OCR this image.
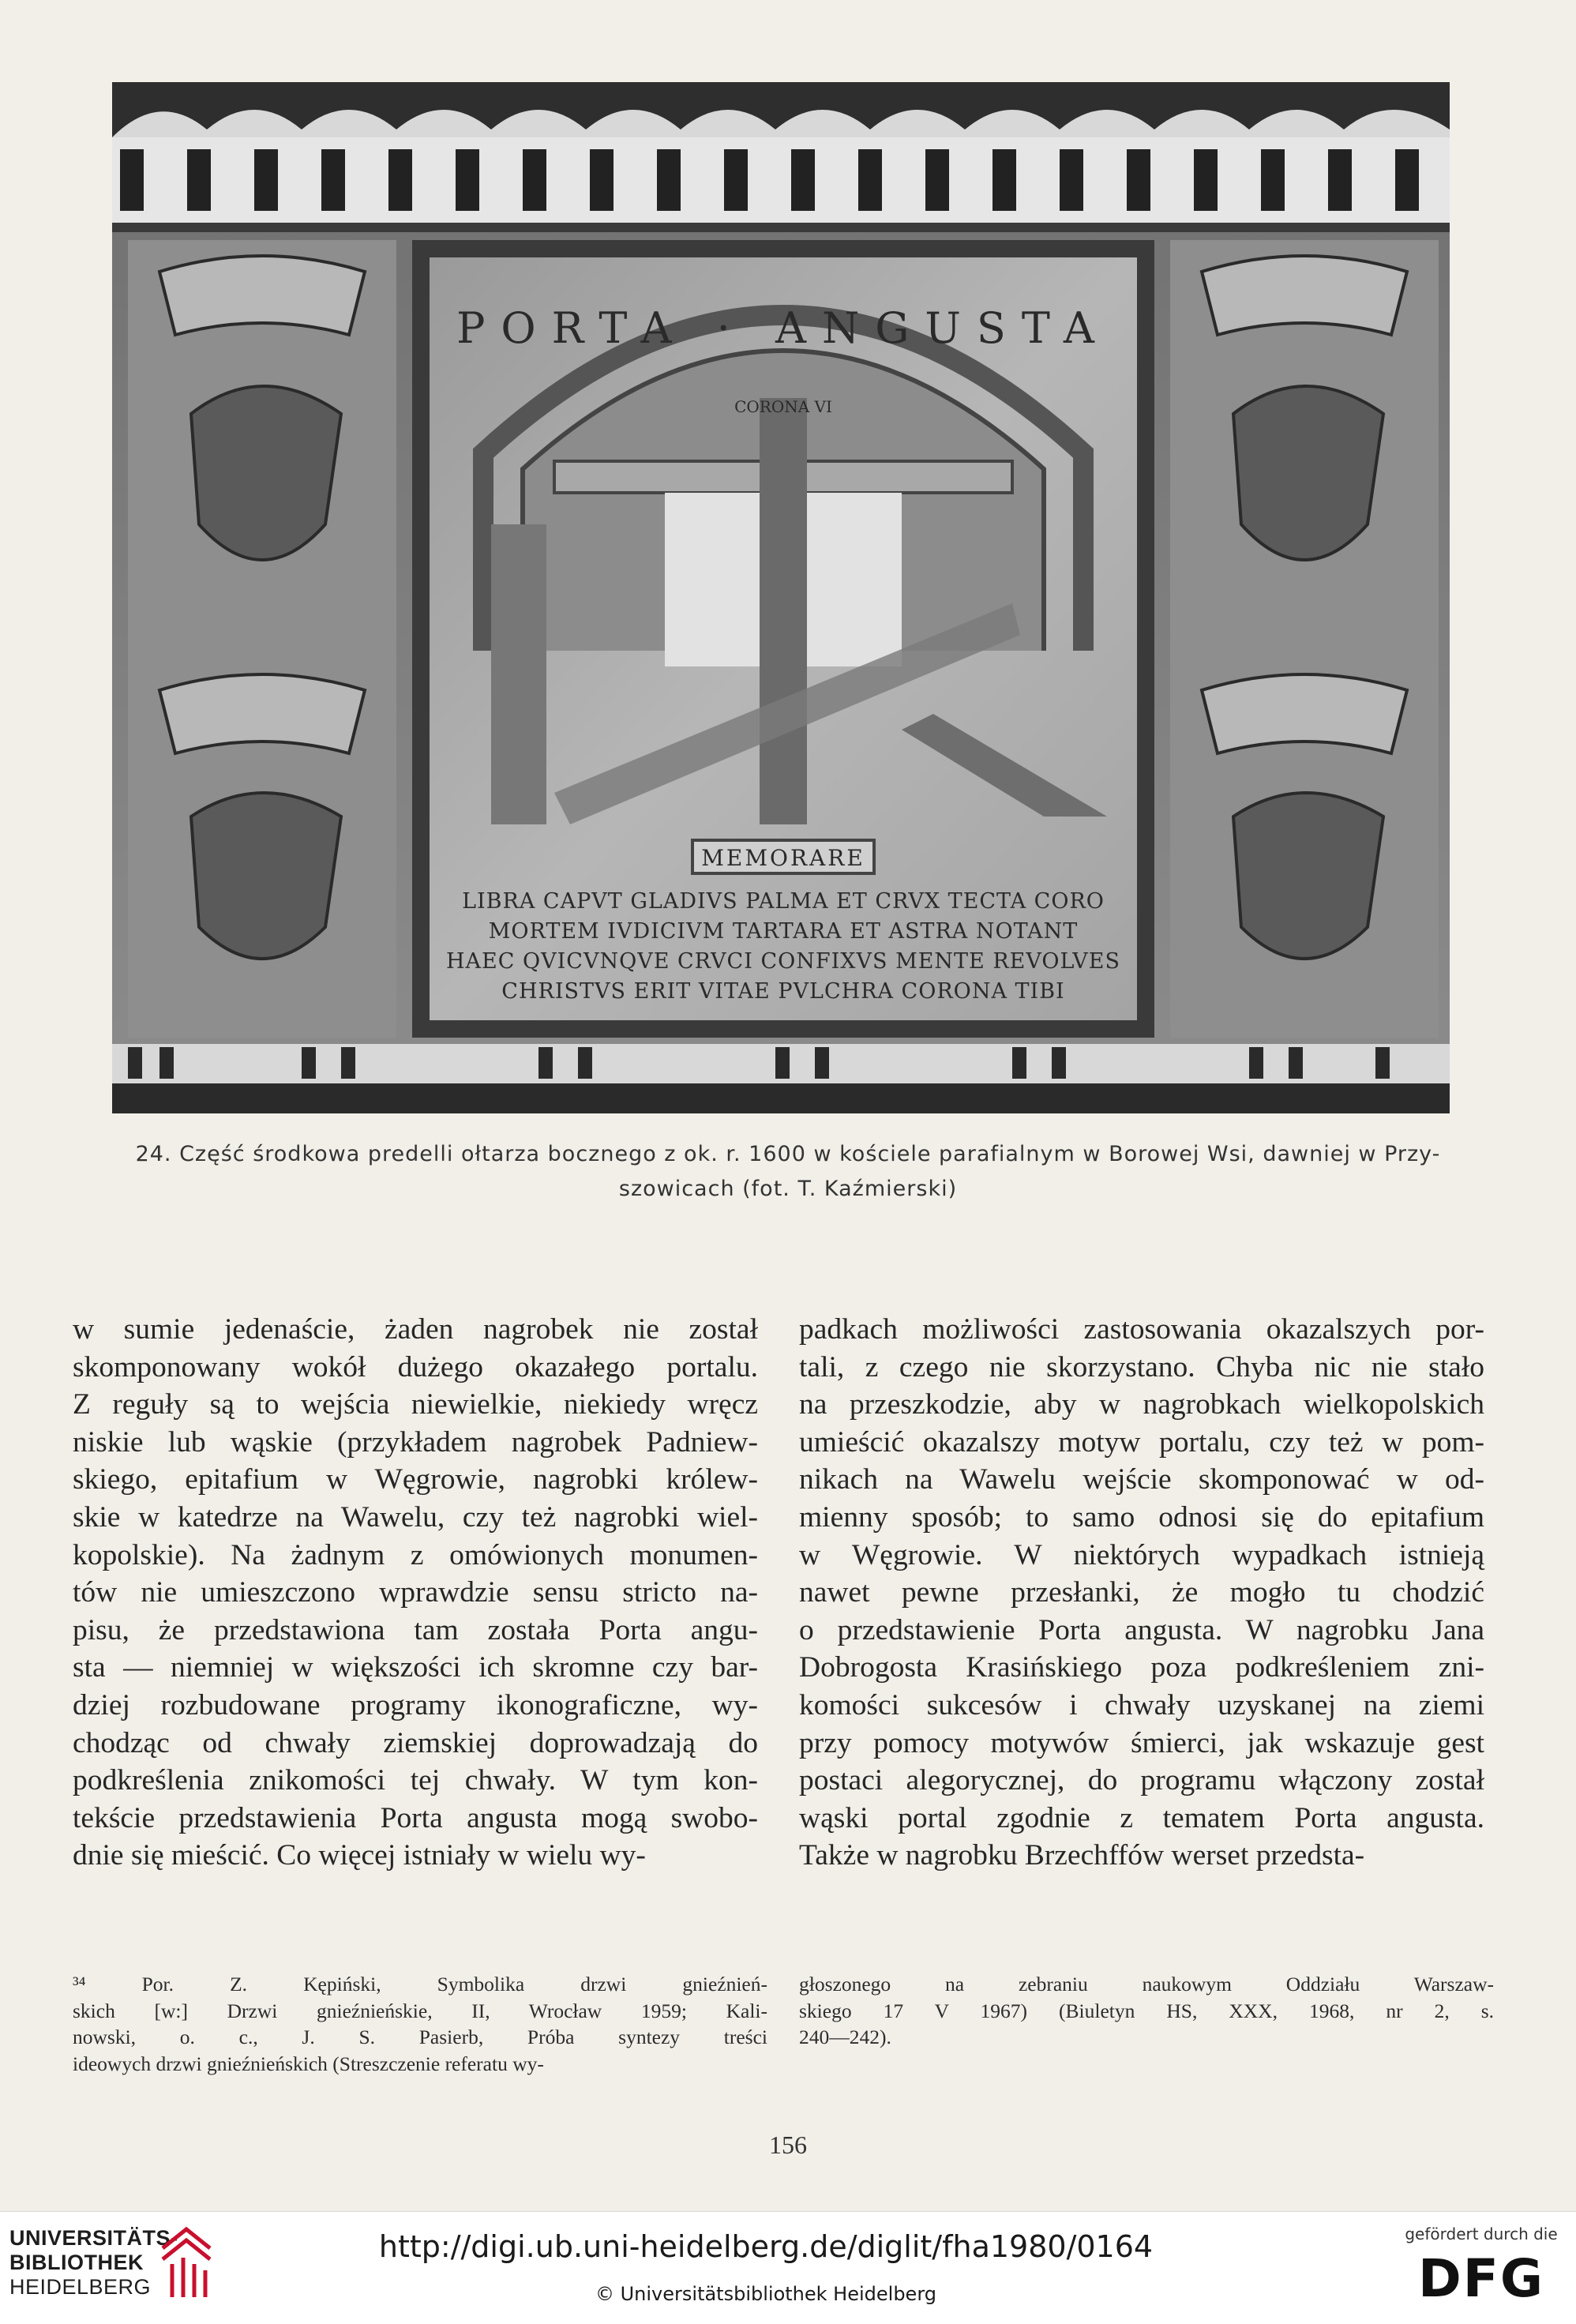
PORTA · ANGUSTA
CORONA VI
MEMORARE
LIBRA CAPVT GLADIVS PALMA ET CRVX TECTA CORO
MORTEM IVDICIVM TARTARA ET ASTRA NOTANT
HAEC QVICVNQVE CRVCI CONFIXVS MENTE REVOLVES
CHRISTVS ERIT VITAE PVLCHRA CORONA TIBI
24. Część środkowa predelli ołtarza bocznego z ok. r. 1600 w kościele parafialnym w Borowej Wsi, dawniej w Przy-
szowicach (fot. T. Kaźmierski)
w sumie jedenaście, żaden nagrobek nie został
skomponowany wokół dużego okazałego portalu.
Z reguły są to wejścia niewielkie, niekiedy wręcz
niskie lub wąskie (przykładem nagrobek Padniew-
skiego, epitafium w Węgrowie, nagrobki królew-
skie w katedrze na Wawelu, czy też nagrobki wiel-
kopolskie). Na żadnym z omówionych monumen-
tów nie umieszczono wprawdzie sensu stricto na-
pisu, że przedstawiona tam została Porta angu-
sta — niemniej w większości ich skromne czy bar-
dziej rozbudowane programy ikonograficzne, wy-
chodząc od chwały ziemskiej doprowadzają do
podkreślenia znikomości tej chwały. W tym kon-
tekście przedstawienia Porta angusta mogą swobo-
dnie się mieścić. Co więcej istniały w wielu wy-
padkach możliwości zastosowania okazalszych por-
tali, z czego nie skorzystano. Chyba nic nie stało
na przeszkodzie, aby w nagrobkach wielkopolskich
umieścić okazalszy motyw portalu, czy też w pom-
nikach na Wawelu wejście skomponować w od-
mienny sposób; to samo odnosi się do epitafium
w Węgrowie. W niektórych wypadkach istnieją
nawet pewne przesłanki, że mogło tu chodzić
o przedstawienie Porta angusta. W nagrobku Jana
Dobrogosta Krasińskiego poza podkreśleniem zni-
komości sukcesów i chwały uzyskanej na ziemi
przy pomocy motywów śmierci, jak wskazuje gest
postaci alegorycznej, do programu włączony został
wąski portal zgodnie z tematem Porta angusta.
Także w nagrobku Brzechffów werset przedsta-
³⁴ Por. Z. Kępiński, Symbolika drzwi gnieźnień-
skich [w:] Drzwi gnieźnieńskie, II, Wrocław 1959; Kali-
nowski, o. c., J. S. Pasierb, Próba syntezy treści
ideowych drzwi gnieźnieńskich (Streszczenie referatu wy-
głoszonego na zebraniu naukowym Oddziału Warszaw-
skiego 17 V 1967) (Biuletyn HS, XXX, 1968, nr 2, s.
240—242).
156
UNIVERSITÄTS-
BIBLIOTHEK
HEIDELBERG
http://digi.ub.uni-heidelberg.de/diglit/fha1980/0164
© Universitätsbibliothek Heidelberg
gefördert durch die
DFG
